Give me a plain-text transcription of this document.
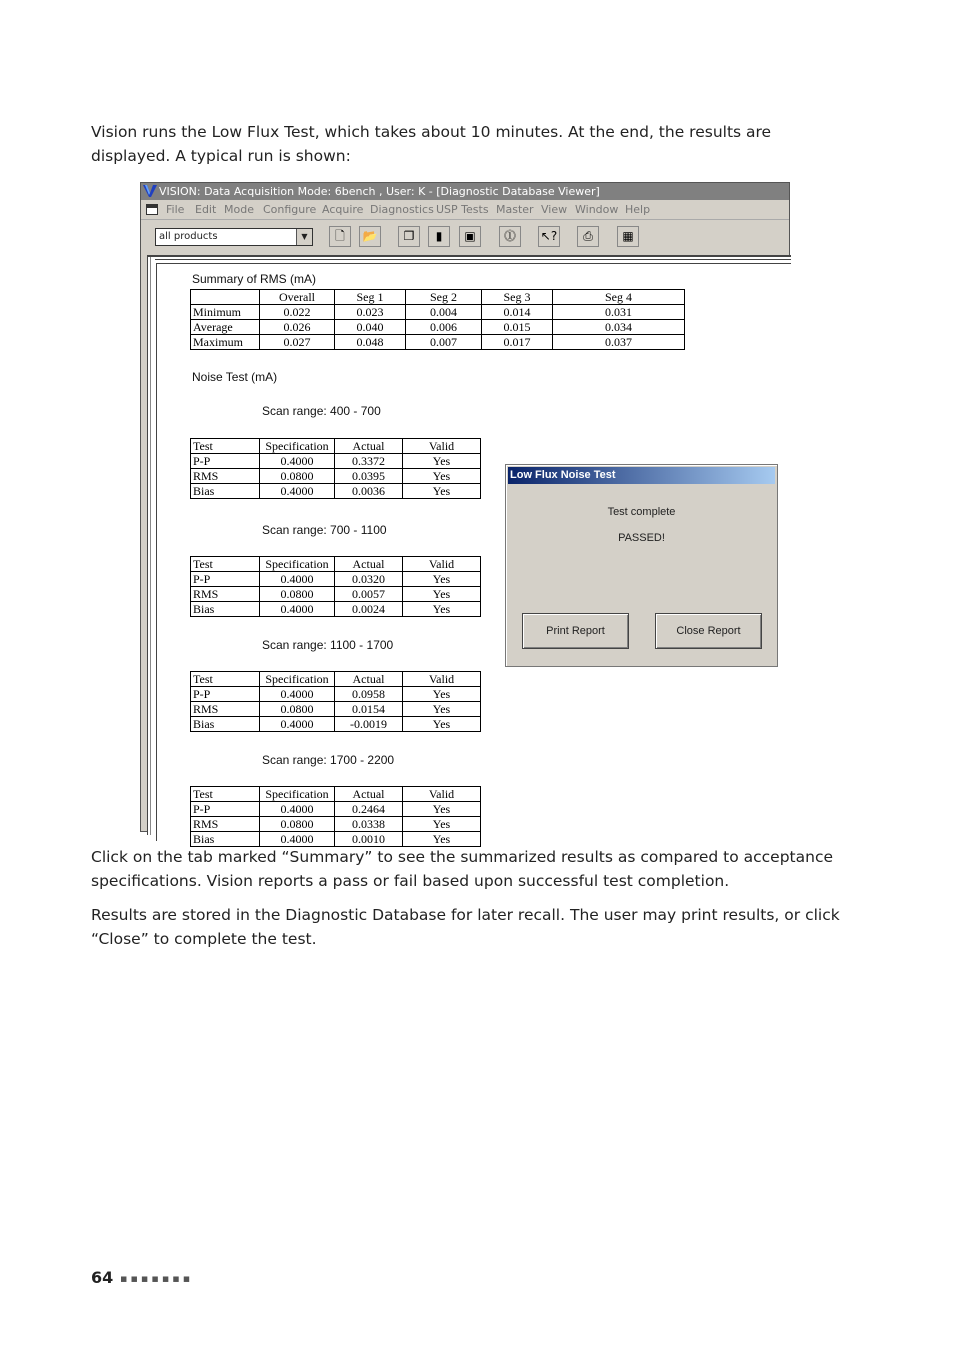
Vision runs the Low Flux Test, which takes about 10 minutes. At the end, the results are displayed. A typical run is shown:

VISION: Data Acquisition Mode: 6bench , User: K - [Diagnostic Database Viewer]
File Edit Mode Configure Acquire Diagnostics USP Tests Master View Window Help
all products	▼	🗋	📂	❐	▮	▣	⓵	↖?	⎙	▦
Summary of RMS (mA)
	Overall	Seg 1	Seg 2	Seg 3	Seg 4
Minimum	0.022	0.023	0.004	0.014	0.031
Average	0.026	0.040	0.006	0.015	0.034
Maximum	0.027	0.048	0.007	0.017	0.037
Noise Test (mA)
Scan range: 400 - 700
Test	Specification	Actual	Valid
P-P	0.4000	0.3372	Yes
RMS	0.0800	0.0395	Yes
Bias	0.4000	0.0036	Yes
Scan range: 700 - 1100
Test	Specification	Actual	Valid
P-P	0.4000	0.0320	Yes
RMS	0.0800	0.0057	Yes
Bias	0.4000	0.0024	Yes
Scan range: 1100 - 1700
Test	Specification	Actual	Valid
P-P	0.4000	0.0958	Yes
RMS	0.0800	0.0154	Yes
Bias	0.4000	-0.0019	Yes
Scan range: 1700 - 2200
Test	Specification	Actual	Valid
P-P	0.4000	0.2464	Yes
RMS	0.0800	0.0338	Yes
Bias	0.4000	0.0010	Yes
Low Flux Noise Test
Test complete
PASSED!
Print Report	Close Report

Click on the tab marked “Summary” to see the summarized results as compared to acceptance specifications. Vision reports a pass or fail based upon successful test completion.

Results are stored in the Diagnostic Database for later recall. The user may print results, or click “Close” to complete the test.

64 ▪▪▪▪▪▪▪
